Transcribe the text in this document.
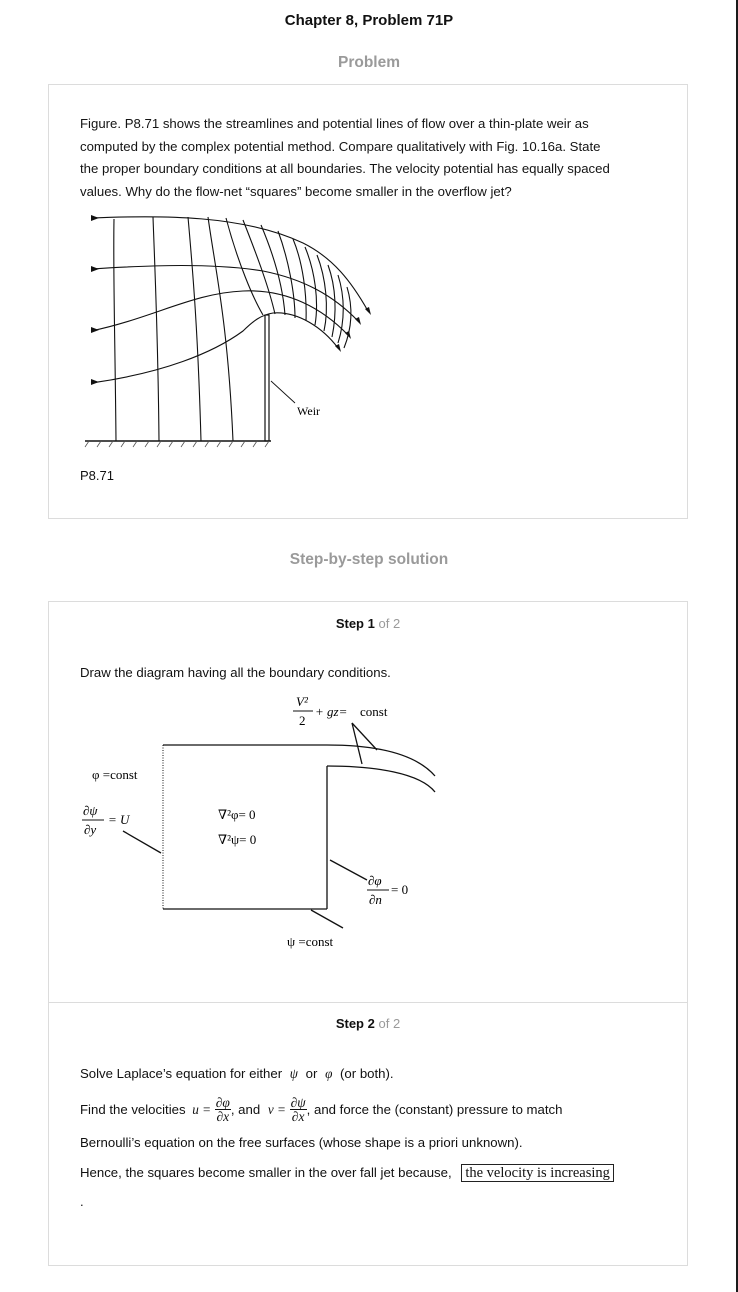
Chapter 8, Problem 71P
Problem
Figure. P8.71 shows the streamlines and potential lines of flow over a thin-plate weir as
computed by the complex potential method. Compare qualitatively with Fig. 10.16a. State
the proper boundary conditions at all boundaries. The velocity potential has equally spaced
values. Why do the flow-net “squares” become smaller in the overflow jet?
Weir
P8.71
Step-by-step solution
Step 1 of 2
Draw the diagram having all the boundary conditions.
V²
2
+ gz= const
φ =const
∂ψ
∂y
= U	∇²φ= 0
∇²ψ= 0
∂φ
∂n
= 0
ψ =const
Step 2 of 2
Solve Laplace’s equation for either ψ or φ (or both).
Find the velocities $u = \frac{\partial\varphi}{\partial x}$ , and $v = \frac{\partial\psi}{\partial x}$ , and force the (constant) pressure to match
Bernoulli’s equation on the free surfaces (whose shape is a priori unknown).
Hence, the squares become smaller in the over fall jet because, the velocity is increasing
.
